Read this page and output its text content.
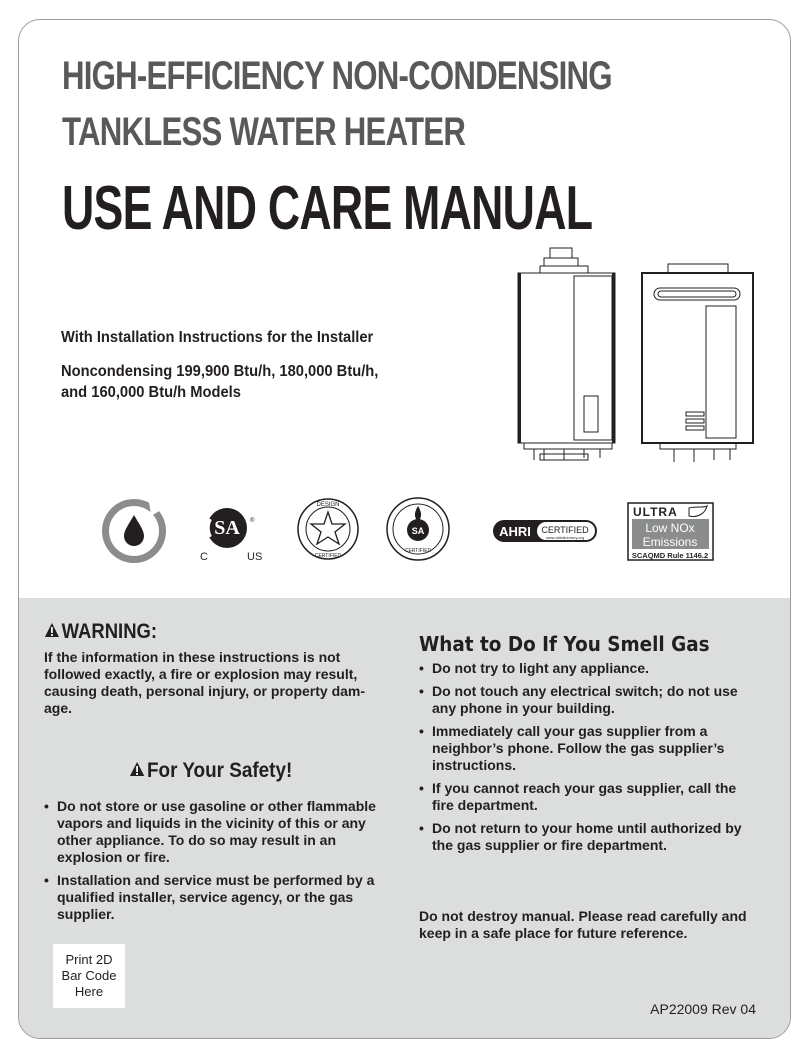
HIGH-EFFICIENCY NON-CONDENSING
TANKLESS WATER HEATER
USE AND CARE MANUAL
With Installation Instructions for the Installer
Noncondensing 199,900 Btu/h, 180,000 Btu/h,
and 160,000 Btu/h Models
SA
C	US
®
DESIGN
CERTIFIED
SA
CERTIFIED
AHRI CERTIFIED
www.ahridirectory.org
ULTRA
Low NOx
Emissions
SCAQMD Rule 1146.2
WARNING:

If the information in these instructions is not followed exactly, a fire or explosion may result, causing death, personal injury, or property dam-age.

For Your Safety!
• Do not store or use gasoline or other flammable vapors and liquids in the vicinity of this or any other appliance. To do so may result in an explosion or fire.
• Installation and service must be performed by a qualified installer, service agency, or the gas supplier.
What to Do If You Smell Gas
• Do not try to light any appliance.
• Do not touch any electrical switch; do not use any phone in your building.
• Immediately call your gas supplier from a neighbor’s phone. Follow the gas supplier’s instructions.
• If you cannot reach your gas supplier, call the fire department.
• Do not return to your home until authorized by the gas supplier or fire department.

Do not destroy manual. Please read carefully and keep in a safe place for future reference.

Print 2D
Bar Code
Here
AP22009 Rev 04
